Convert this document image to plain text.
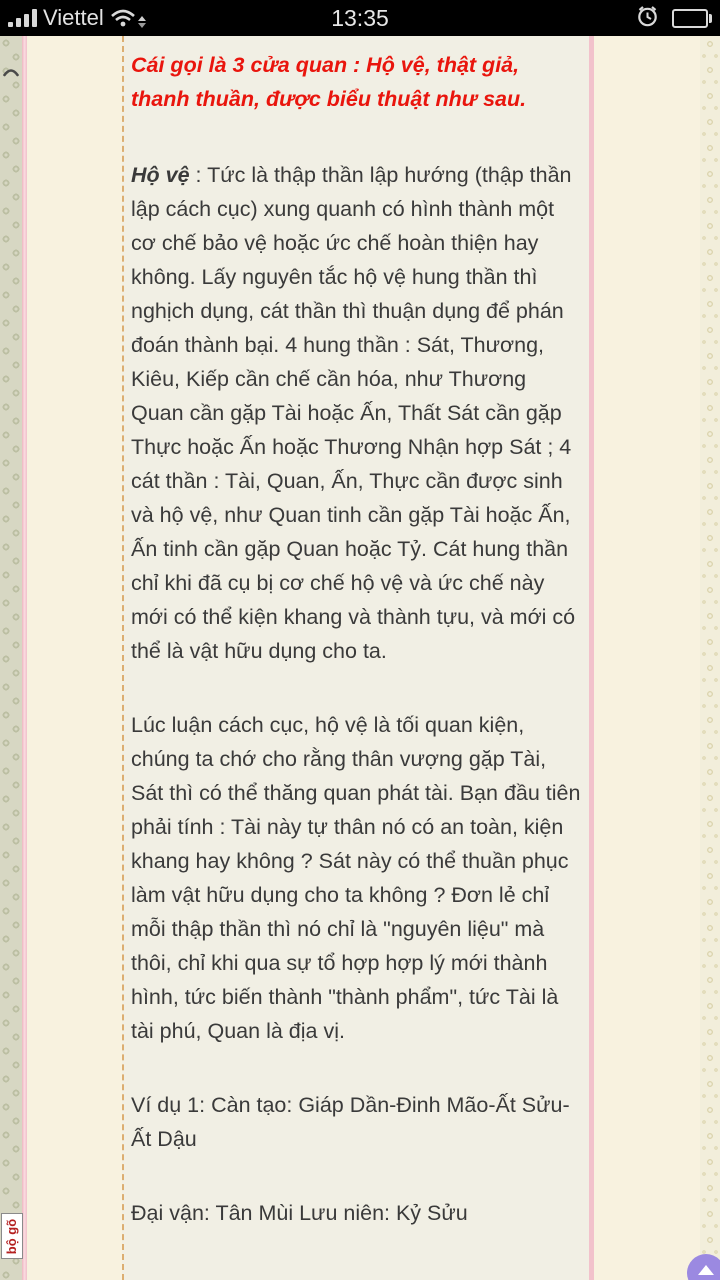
Viettel	13:35
Cái gọi là 3 cửa quan : Hộ vệ, thật giả, thanh thuần, được biểu thuật như sau.

Hộ vệ : Tức là thập thần lập hướng (thập thần lập cách cục) xung quanh có hình thành một cơ chế bảo vệ hoặc ức chế hoàn thiện hay không. Lấy nguyên tắc hộ vệ hung thần thì nghịch dụng, cát thần thì thuận dụng để phán đoán thành bại. 4 hung thần : Sát, Thương, Kiêu, Kiếp cần chế cần hóa, như Thương Quan cần gặp Tài hoặc Ấn, Thất Sát cần gặp Thực hoặc Ấn hoặc Thương Nhận hợp Sát ; 4 cát thần : Tài, Quan, Ấn, Thực cần được sinh và hộ vệ, như Quan tinh cần gặp Tài hoặc Ấn, Ấn tinh cần gặp Quan hoặc Tỷ. Cát hung thần chỉ khi đã cụ bị cơ chế hộ vệ và ức chế này mới có thể kiện khang và thành tựu, và mới có thể là vật hữu dụng cho ta.

Lúc luận cách cục, hộ vệ là tối quan kiện, chúng ta chớ cho rằng thân vượng gặp Tài, Sát thì có thể thăng quan phát tài. Bạn đầu tiên phải tính : Tài này tự thân nó có an toàn, kiện khang hay không ? Sát này có thể thuần phục làm vật hữu dụng cho ta không ? Đơn lẻ chỉ mỗi thập thần thì nó chỉ là "nguyên liệu" mà thôi, chỉ khi qua sự tổ hợp hợp lý mới thành hình, tức biến thành "thành phẩm", tức Tài là tài phú, Quan là địa vị.

Ví dụ 1: Càn tạo: Giáp Dần-Đinh Mão-Ất Sửu-Ất Dậu

Đại vận: Tân Mùi Lưu niên: Kỷ Sửu

bộ gõ
